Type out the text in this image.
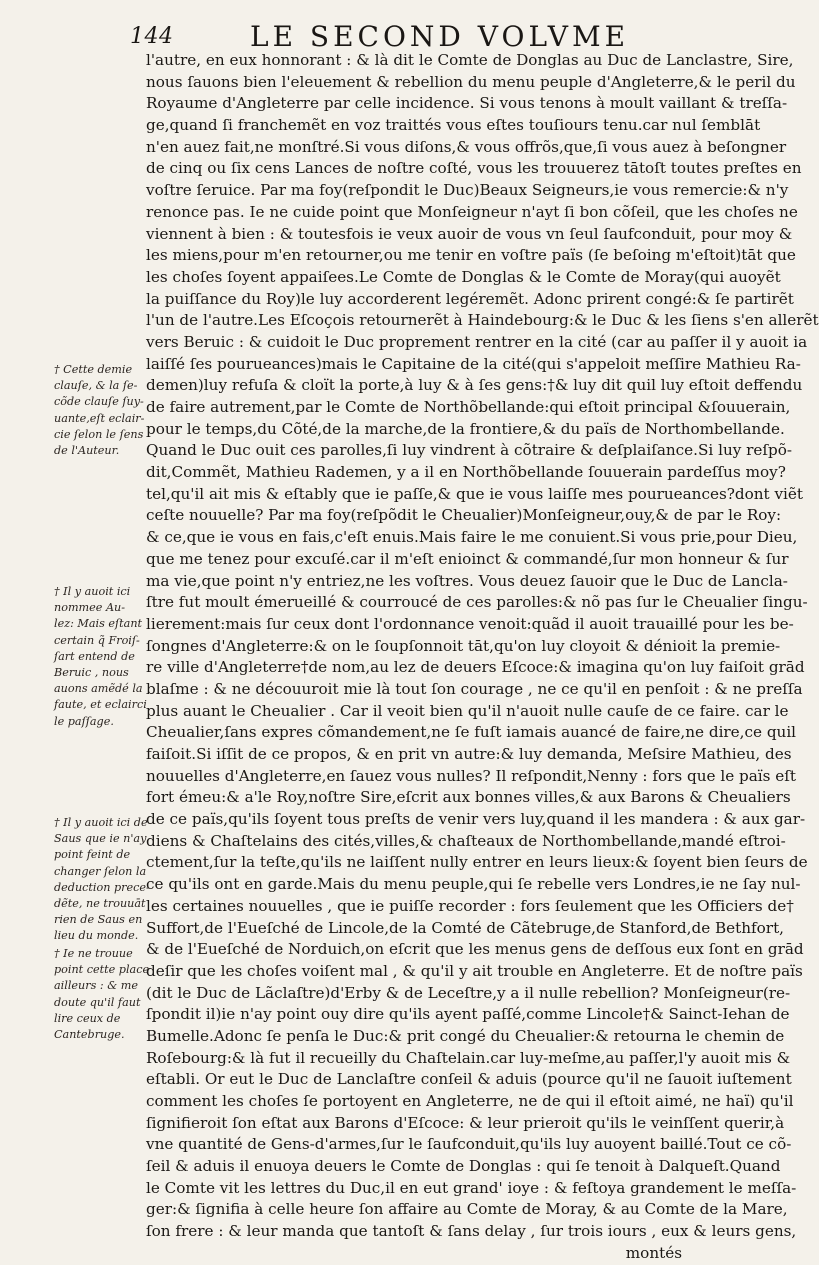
144	LE SECOND VOLVME
l'autre, en eux honnorant : & là dit le Comte de Donglas au Duc de Lanclastre, Sire,
nous ſauons bien l'eleuement & rebellion du menu peuple d'Angleterre,& le peril du
Royaume d'Angleterre par celle incidence. Si vous tenons à moult vaillant & treſſa-
ge,quand ſi franchemẽt en voz traittés vous eſtes touſiours tenu.car nul ſemblāt
n'en auez fait,ne monſtré.Si vous diſons,& vous offrõs,que,ſi vous auez à beſongner
de cinq ou ſix cens Lances de noſtre coſté, vous les trouuerez tātoſt toutes preſtes en
voſtre ſeruice. Par ma foy(reſpondit le Duc)Beaux Seigneurs,ie vous remercie:& n'y
renonce pas. Ie ne cuide point que Monſeigneur n'ayt ſi bon cõſeil, que les choſes ne
viennent à bien : & toutesfois ie veux auoir de vous vn ſeul ſaufconduit, pour moy &
les miens,pour m'en retourner,ou me tenir en voſtre païs (ſe beſoing m'eſtoit)tāt que
les choſes ſoyent appaiſees.Le Comte de Donglas & le Comte de Moray(qui auoyẽt
la puiſſance du Roy)le luy accorderent legéremẽt. Adonc prirent congé:& ſe partirẽt
l'un de l'autre.Les Eſcoçois retournerẽt à Haindebourg:& le Duc & les ſiens s'en allerẽt
vers Beruic : & cuidoit le Duc proprement rentrer en la cité (car au paſſer il y auoit ia
laiſſé ſes pourueances)mais le Capitaine de la cité(qui s'appeloit meſſire Mathieu Ra-
demen)luy refuſa & cloït la porte,à luy & à ſes gens:†& luy dit quil luy eſtoit deffendu
de faire autrement,par le Comte de Northõbellande:qui eſtoit principal &ſouuerain,
pour le temps,du Cõté,de la marche,de la frontiere,& du païs de Northombellande.
Quand le Duc ouit ces parolles,ſi luy vindrent à cõtraire & deſplaiſance.Si luy reſpõ-
dit,Commẽt, Mathieu Rademen, y a il en Northõbellande ſouuerain pardeſſus moy?
tel,qu'il ait mis & eſtably que ie paſſe,& que ie vous laiſſe mes pourueances?dont viẽt
ceſte nouuelle? Par ma foy(reſpõdit le Cheualier)Monſeigneur,ouy,& de par le Roy:
& ce,que ie vous en fais,c'eſt enuis.Mais faire le me conuient.Si vous prie,pour Dieu,
que me tenez pour excuſé.car il m'eſt enioinct & commandé,ſur mon honneur & ſur
ma vie,que point n'y entriez,ne les voſtres. Vous deuez ſauoir que le Duc de Lancla-
ſtre fut moult émerueillé & courroucé de ces parolles:& nõ pas ſur le Cheualier ſingu-
lierement:mais ſur ceux dont l'ordonnance venoit:quãd il auoit trauaillé pour les be-
ſongnes d'Angleterre:& on le ſoupſonnoit tāt,qu'on luy cloyoit & dénioit la premie-
re ville d'Angleterre†de nom,au lez de deuers Eſcoce:& imagina qu'on luy faiſoit grād
blaſme : & ne découuroit mie là tout ſon courage , ne ce qu'il en penſoit : & ne preſſa
plus auant le Cheualier . Car il veoit bien qu'il n'auoit nulle cauſe de ce faire. car le
Cheualier,ſans expres cõmandement,ne ſe fuſt iamais auancé de faire,ne dire,ce quil
faiſoit.Si iſſit de ce propos, & en prit vn autre:& luy demanda, Meſsire Mathieu, des
nouuelles d'Angleterre,en ſauez vous nulles? Il reſpondit,Nenny : fors que le païs eſt
fort émeu:& a'le Roy,noſtre Sire,eſcrit aux bonnes villes,& aux Barons & Cheualiers
de ce païs,qu'ils ſoyent tous preſts de venir vers luy,quand il les mandera : & aux gar-
diens & Chaſtelains des cités,villes,& chaſteaux de Northombellande,mandé eſtroi-
ctement,ſur la teſte,qu'ils ne laiſſent nully entrer en leurs lieux:& ſoyent bien ſeurs de
ce qu'ils ont en garde.Mais du menu peuple,qui ſe rebelle vers Londres,ie ne ſay nul-
les certaines nouuelles , que ie puiſſe recorder : fors ſeulement que les Officiers de†
Suffort,de l'Eueſché de Lincole,de la Comté de Cãtebruge,de Stanford,de Bethfort,
& de l'Eueſché de Norduich,on eſcrit que les menus gens de deſſous eux ſont en grād
deſir que les choſes voiſent mal , & qu'il y ait trouble en Angleterre. Et de noſtre païs
(dit le Duc de Lãclaſtre)d'Erby & de Leceſtre,y a il nulle rebellion? Monſeigneur(re-
ſpondit il)ie n'ay point ouy dire qu'ils ayent paſſé,comme Lincole†& Sainct-Iehan de
Bumelle.Adonc ſe penſa le Duc:& prit congé du Cheualier:& retourna le chemin de
Roſebourg:& là fut il recueilly du Chaſtelain.car luy-meſme,au paſſer,l'y auoit mis &
eſtabli. Or eut le Duc de Lanclaſtre conſeil & aduis (pource qu'il ne ſauoit iuſtement
comment les choſes ſe portoyent en Angleterre, ne de qui il eſtoit aimé, ne haï) qu'il
ſignifieroit ſon eſtat aux Barons d'Eſcoce: & leur prieroit qu'ils le veinſſent querir,à
vne quantité de Gens-d'armes,ſur le ſaufconduit,qu'ils luy auoyent baillé.Tout ce cõ-
ſeil & aduis il enuoya deuers le Comte de Donglas : qui ſe tenoit à Dalqueſt.Quand
le Comte vit les lettres du Duc,il en eut grand' ioye : & feſtoya grandement le meſſa-
ger:& ſignifia à celle heure ſon affaire au Comte de Moray, & au Comte de la Mare,
ſon frere : & leur manda que tantoſt & ſans delay , ſur trois iours , eux & leurs gens,
montés
† Cette demie
clauſe, & la ſe-
cõde clauſe ſuy-
uante,eſt eclair-
cie ſelon le ſens
de l'Auteur.
† Il y auoit ici
nommee Au-
lez: Mais eſtant
certain q̃ Froiſ-
ſart entend de
Beruic , nous
auons amẽdé la
faute, et eclairci
le paſſage.
† Il y auoit ici de
Saus que ie n'ay
point feint de
changer ſelon la
deduction prece-
dẽte, ne trouuāt
rien de Saus en
lieu du monde.
† Ie ne trouue
point cette place
ailleurs : & me
doute qu'il faut
lire ceux de
Cantebruge.
